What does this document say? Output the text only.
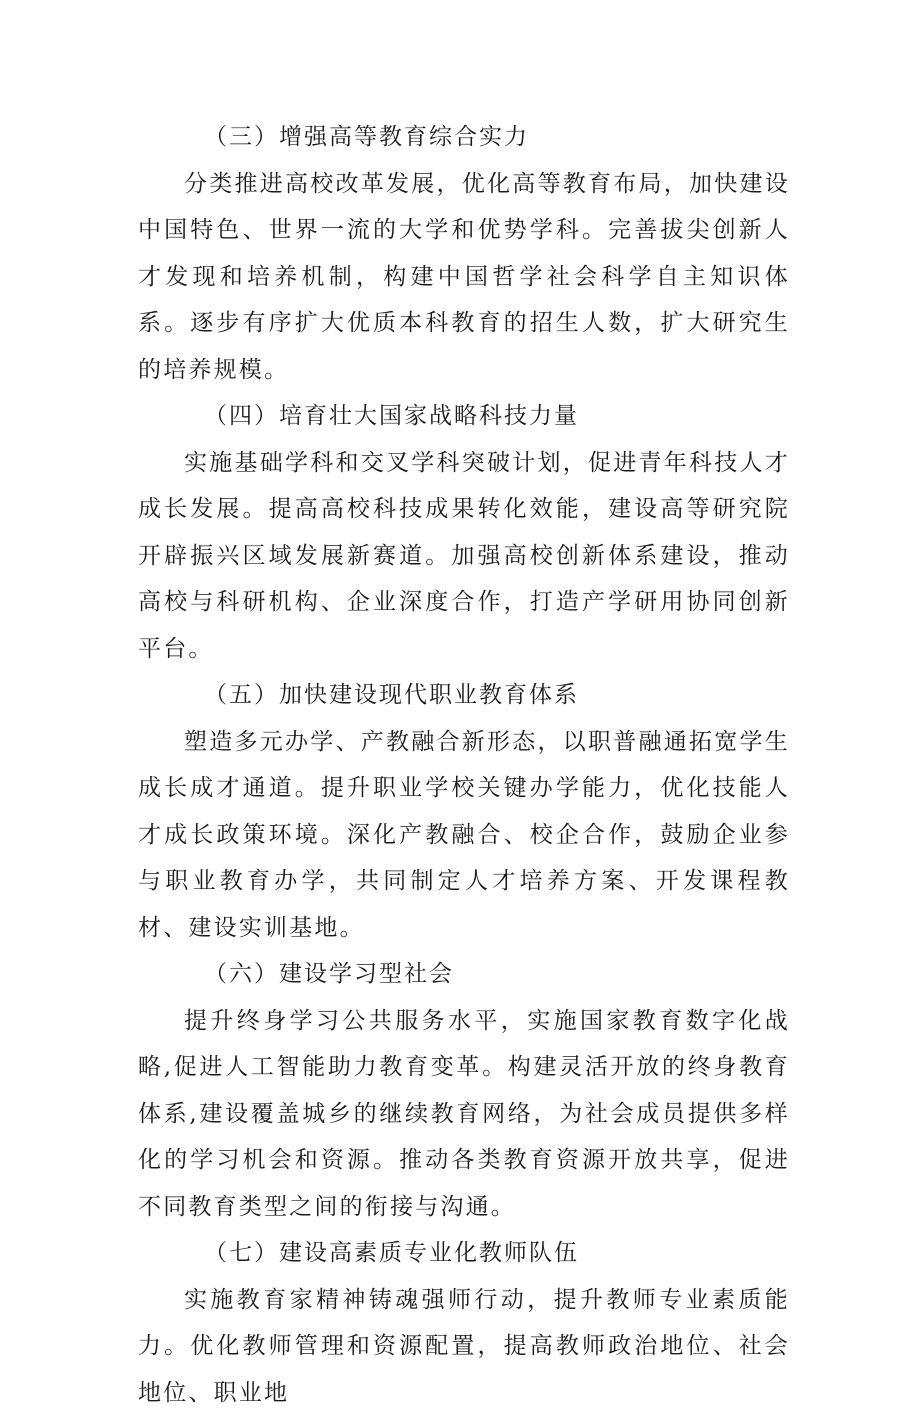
（三）增强高等教育综合实力

分类推进高校改革发展，优化高等教育布局，加快建设中国特色、世界一流的大学和优势学科。完善拔尖创新人才发现和培养机制，构建中国哲学社会科学自主知识体系。逐步有序扩大优质本科教育的招生人数，扩大研究生的培养规模。

（四）培育壮大国家战略科技力量

实施基础学科和交叉学科突破计划，促进青年科技人才成长发展。提高高校科技成果转化效能，建设高等研究院开辟振兴区域发展新赛道。加强高校创新体系建设，推动高校与科研机构、企业深度合作，打造产学研用协同创新平台。

（五）加快建设现代职业教育体系

塑造多元办学、产教融合新形态，以职普融通拓宽学生成长成才通道。提升职业学校关键办学能力，优化技能人才成长政策环境。深化产教融合、校企合作，鼓励企业参与职业教育办学，共同制定人才培养方案、开发课程教材、建设实训基地。

（六）建设学习型社会

提升终身学习公共服务水平，实施国家教育数字化战略,促进人工智能助力教育变革。构建灵活开放的终身教育体系,建设覆盖城乡的继续教育网络，为社会成员提供多样化的学习机会和资源。推动各类教育资源开放共享，促进不同教育类型之间的衔接与沟通。

（七）建设高素质专业化教师队伍

实施教育家精神铸魂强师行动，提升教师专业素质能力。优化教师管理和资源配置，提高教师政治地位、社会地位、职业地
